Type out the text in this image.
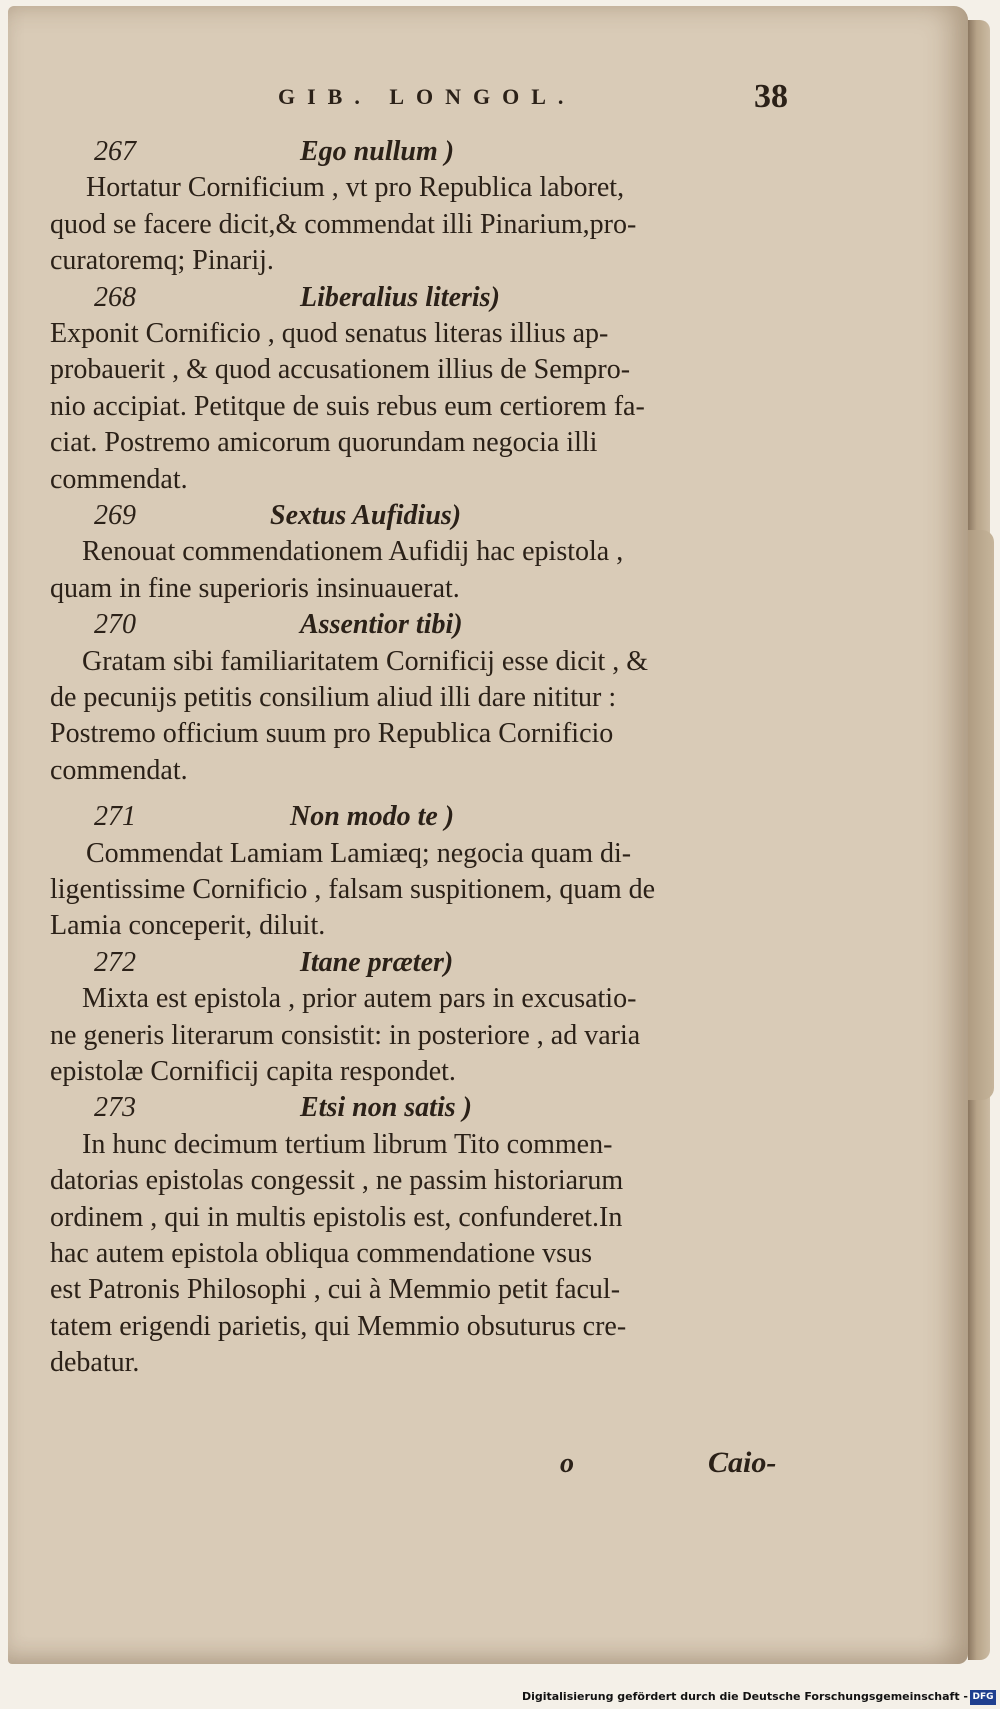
GIB. LONGOL.	38
267	Ego nullum )
Hortatur Cornificium , vt pro Republica laboret,
quod se facere dicit,& commendat illi Pinarium,pro-
curatoremq; Pinarij.
268	Liberalius literis)
Exponit Cornificio , quod senatus literas illius ap-
probauerit , & quod accusationem illius de Sempro-
nio accipiat. Petitque de suis rebus eum certiorem fa-
ciat. Postremo amicorum quorundam negocia illi
commendat.
269	Sextus Aufidius)
Renouat commendationem Aufidij hac epistola ,
quam in fine superioris insinuauerat.
270	Assentior tibi)
Gratam sibi familiaritatem Cornificij esse dicit , &
de pecunijs petitis consilium aliud illi dare nititur :
Postremo officium suum pro Republica Cornificio
commendat.
271	Non modo te )
Commendat Lamiam Lamiæq; negocia quam di-
ligentissime Cornificio , falsam suspitionem, quam de
Lamia conceperit, diluit.
272	Itane præter)
Mixta est epistola , prior autem pars in excusatio-
ne generis literarum consistit: in posteriore , ad varia
epistolæ Cornificij capita respondet.
273	Etsi non satis )
In hunc decimum tertium librum Tito commen-
datorias epistolas congessit , ne passim historiarum
ordinem , qui in multis epistolis est, confunderet.In
hac autem epistola obliqua commendatione vsus
est Patronis Philosophi , cui à Memmio petit facul-
tatem erigendi parietis, qui Memmio obsuturus cre-
debatur.
o	Caio-
Digitalisierung gefördert durch die Deutsche Forschungsgemeinschaft - DFG
